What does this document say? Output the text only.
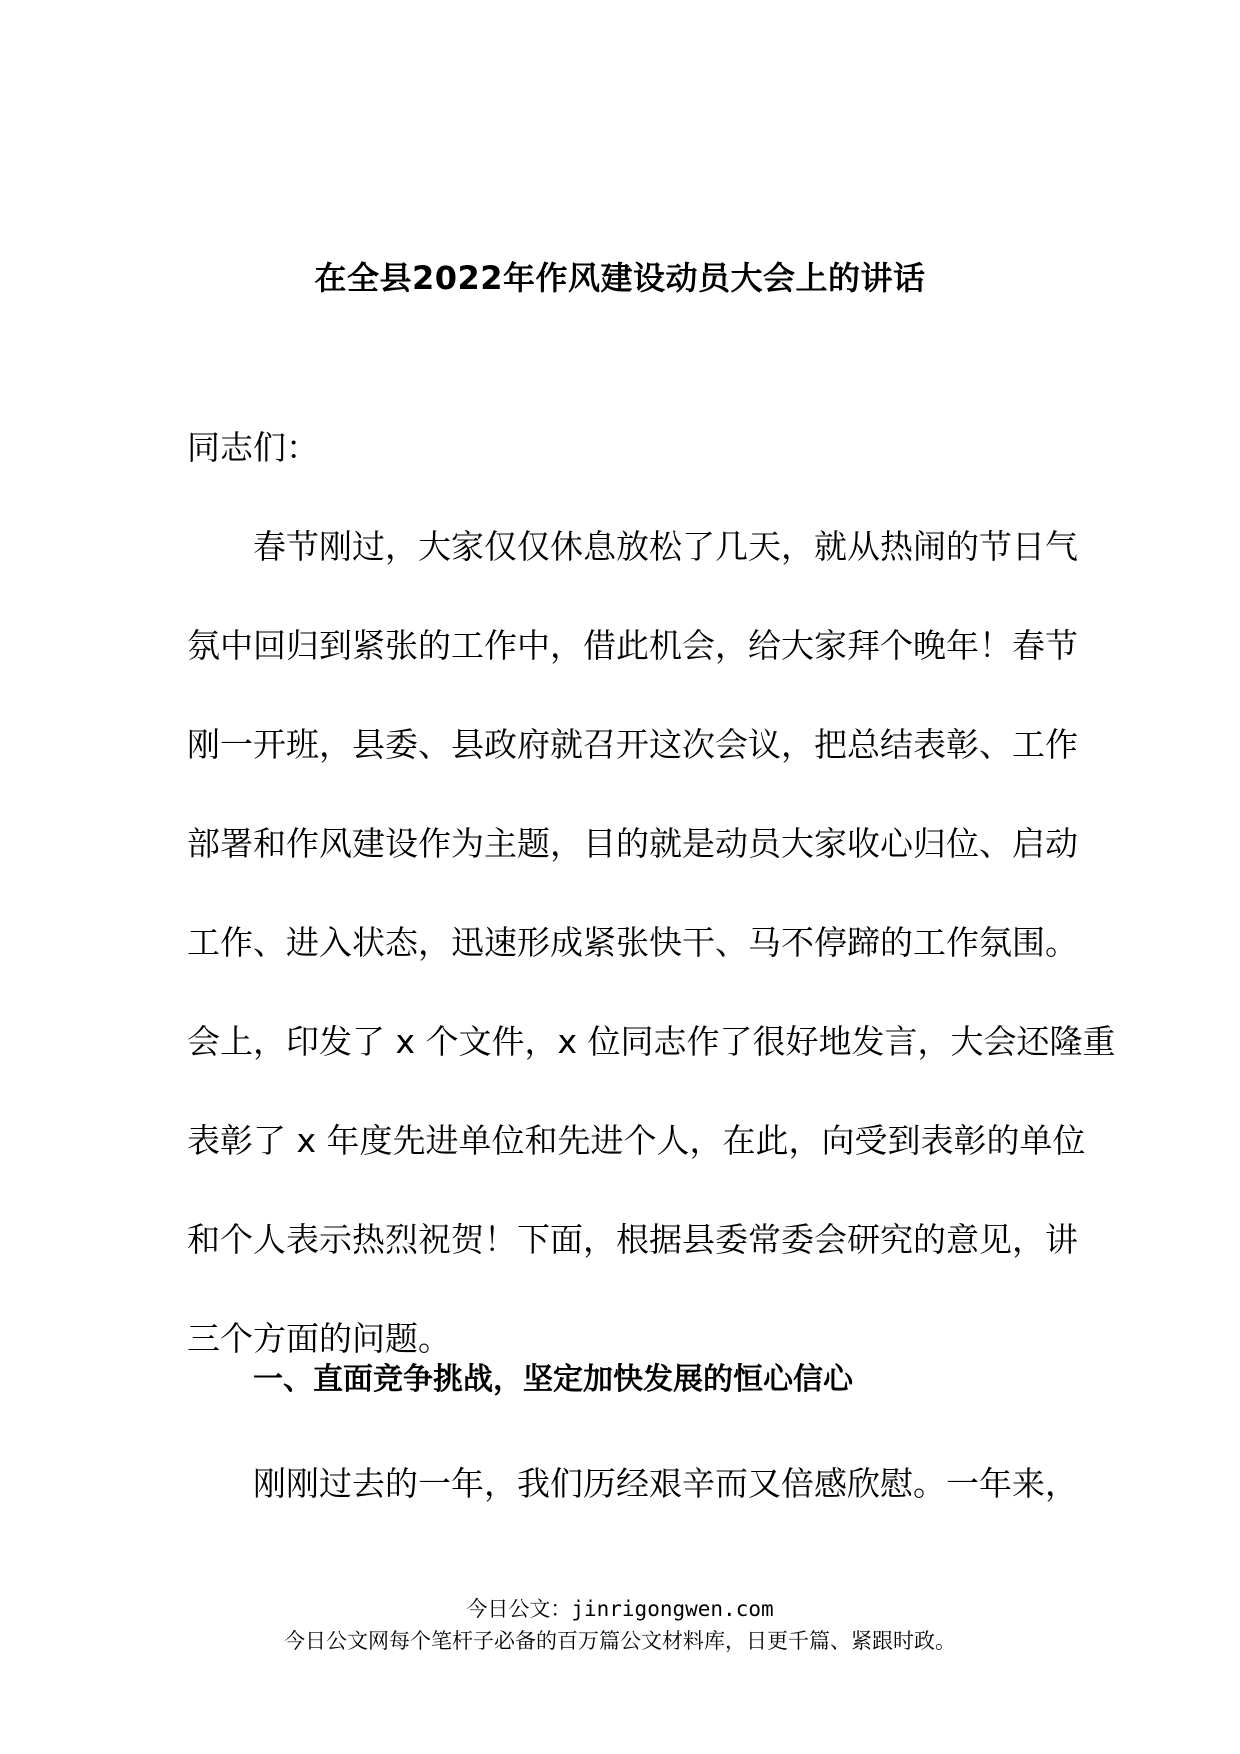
在全县2022年作风建设动员大会上的讲话
同志们：
春节刚过，大家仅仅休息放松了几天，就从热闹的节日气
氛中回归到紧张的工作中，借此机会，给大家拜个晚年！春节
刚一开班，县委、县政府就召开这次会议，把总结表彰、工作
部署和作风建设作为主题，目的就是动员大家收心归位、启动
工作、进入状态，迅速形成紧张快干、马不停蹄的工作氛围。
会上，印发了 x 个文件，x 位同志作了很好地发言，大会还隆重
表彰了 x 年度先进单位和先进个人，在此，向受到表彰的单位
和个人表示热烈祝贺！下面，根据县委常委会研究的意见，讲
三个方面的问题。
一、直面竞争挑战，坚定加快发展的恒心信心
刚刚过去的一年，我们历经艰辛而又倍感欣慰。一年来，
今日公文：jinrigongwen.com
今日公文网每个笔杆子必备的百万篇公文材料库，日更千篇、紧跟时政。
